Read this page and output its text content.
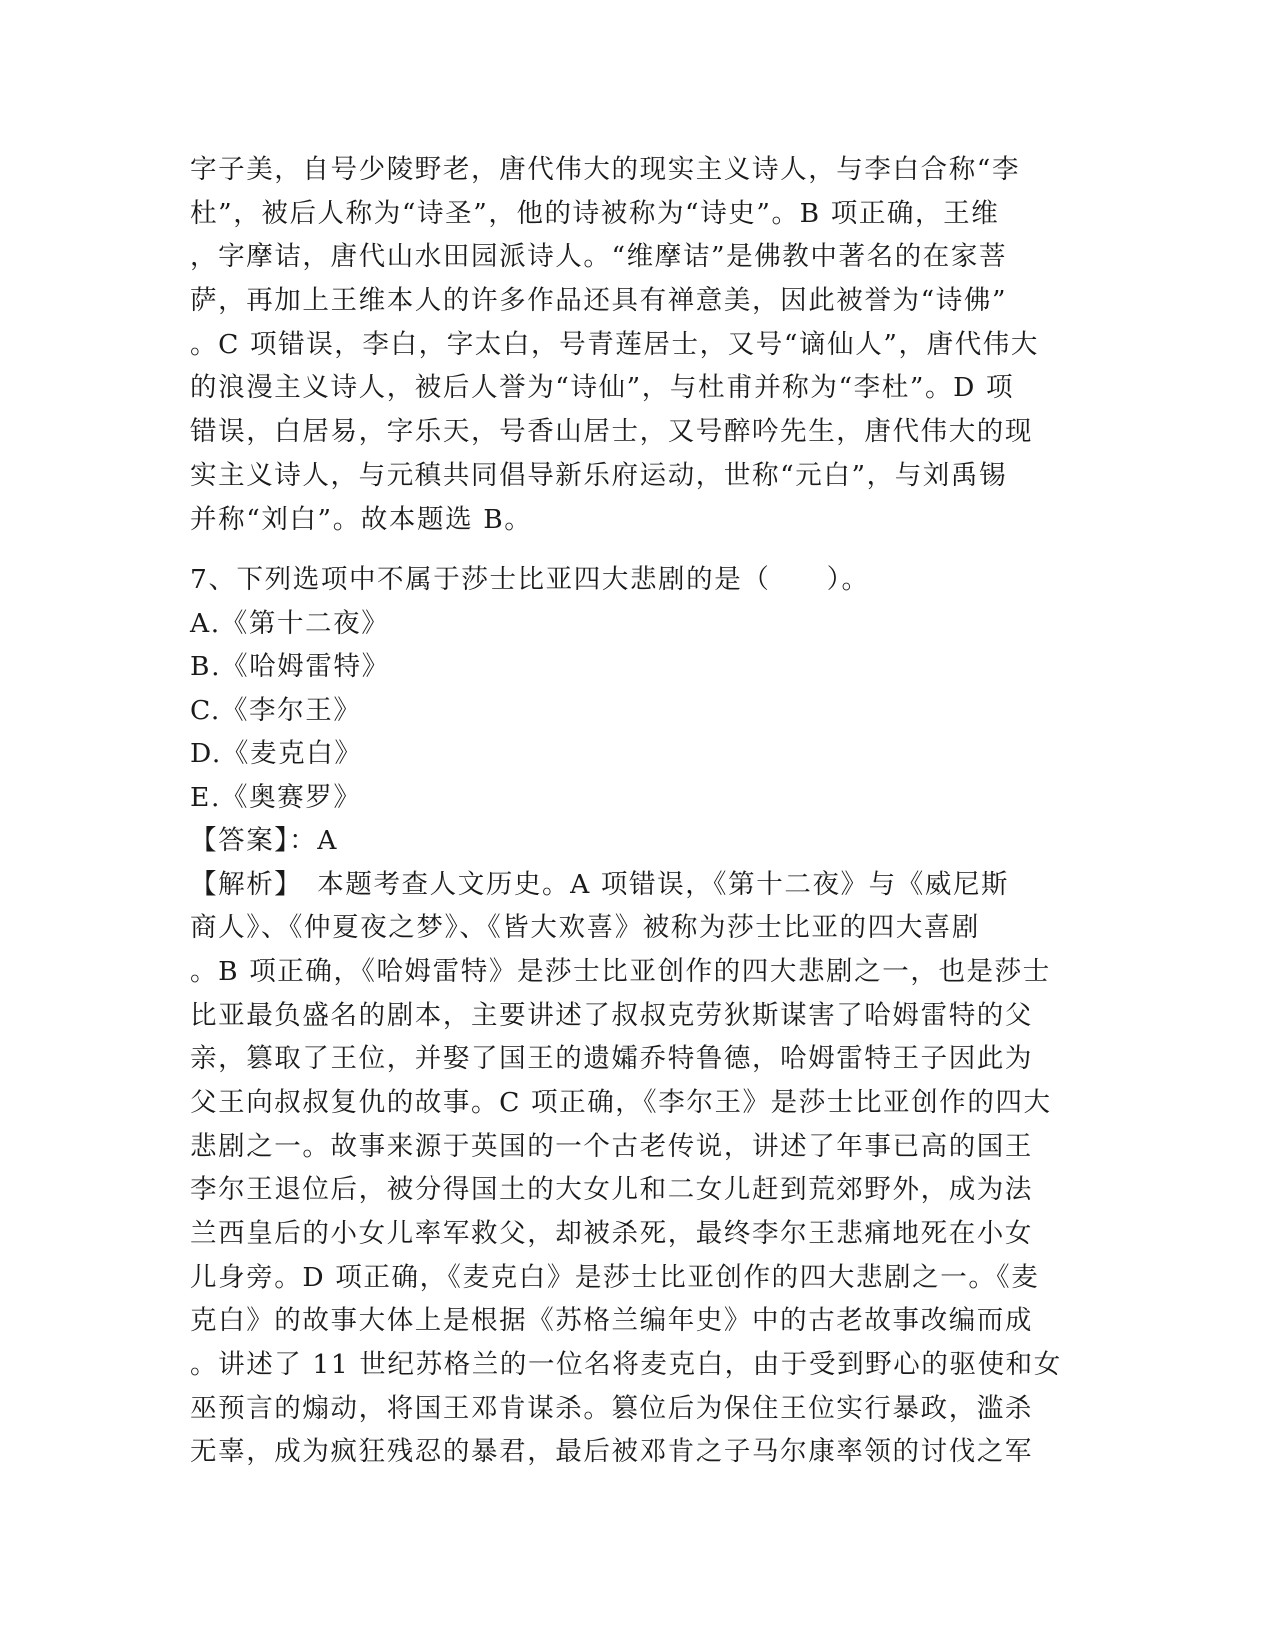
字子美，自号少陵野老，唐代伟大的现实主义诗人，与李白合称“李
杜”，被后人称为“诗圣”，他的诗被称为“诗史”。B 项正确，王维
，字摩诘，唐代山水田园派诗人。“维摩诘”是佛教中著名的在家菩
萨，再加上王维本人的许多作品还具有禅意美，因此被誉为“诗佛”
。C 项错误，李白，字太白，号青莲居士，又号“谪仙人”，唐代伟大
的浪漫主义诗人，被后人誉为“诗仙”，与杜甫并称为“李杜”。D 项
错误，白居易，字乐天，号香山居士，又号醉吟先生，唐代伟大的现
实主义诗人，与元稹共同倡导新乐府运动，世称“元白”，与刘禹锡
并称“刘白”。故本题选 B。
7、下列选项中不属于莎士比亚四大悲剧的是（　　）。
A.《第十二夜》
B.《哈姆雷特》
C.《李尔王》
D.《麦克白》
E.《奥赛罗》
【答案】：A
【解析】　本题考查人文历史。A 项错误，《第十二夜》与《威尼斯
商人》、《仲夏夜之梦》、《皆大欢喜》被称为莎士比亚的四大喜剧
。B 项正确，《哈姆雷特》是莎士比亚创作的四大悲剧之一，也是莎士
比亚最负盛名的剧本，主要讲述了叔叔克劳狄斯谋害了哈姆雷特的父
亲，篡取了王位，并娶了国王的遗孀乔特鲁德，哈姆雷特王子因此为
父王向叔叔复仇的故事。C 项正确，《李尔王》是莎士比亚创作的四大
悲剧之一。故事来源于英国的一个古老传说，讲述了年事已高的国王
李尔王退位后，被分得国土的大女儿和二女儿赶到荒郊野外，成为法
兰西皇后的小女儿率军救父，却被杀死，最终李尔王悲痛地死在小女
儿身旁。D 项正确，《麦克白》是莎士比亚创作的四大悲剧之一。《麦
克白》的故事大体上是根据《苏格兰编年史》中的古老故事改编而成
。讲述了 11 世纪苏格兰的一位名将麦克白，由于受到野心的驱使和女
巫预言的煽动，将国王邓肯谋杀。篡位后为保住王位实行暴政，滥杀
无辜，成为疯狂残忍的暴君，最后被邓肯之子马尔康率领的讨伐之军
